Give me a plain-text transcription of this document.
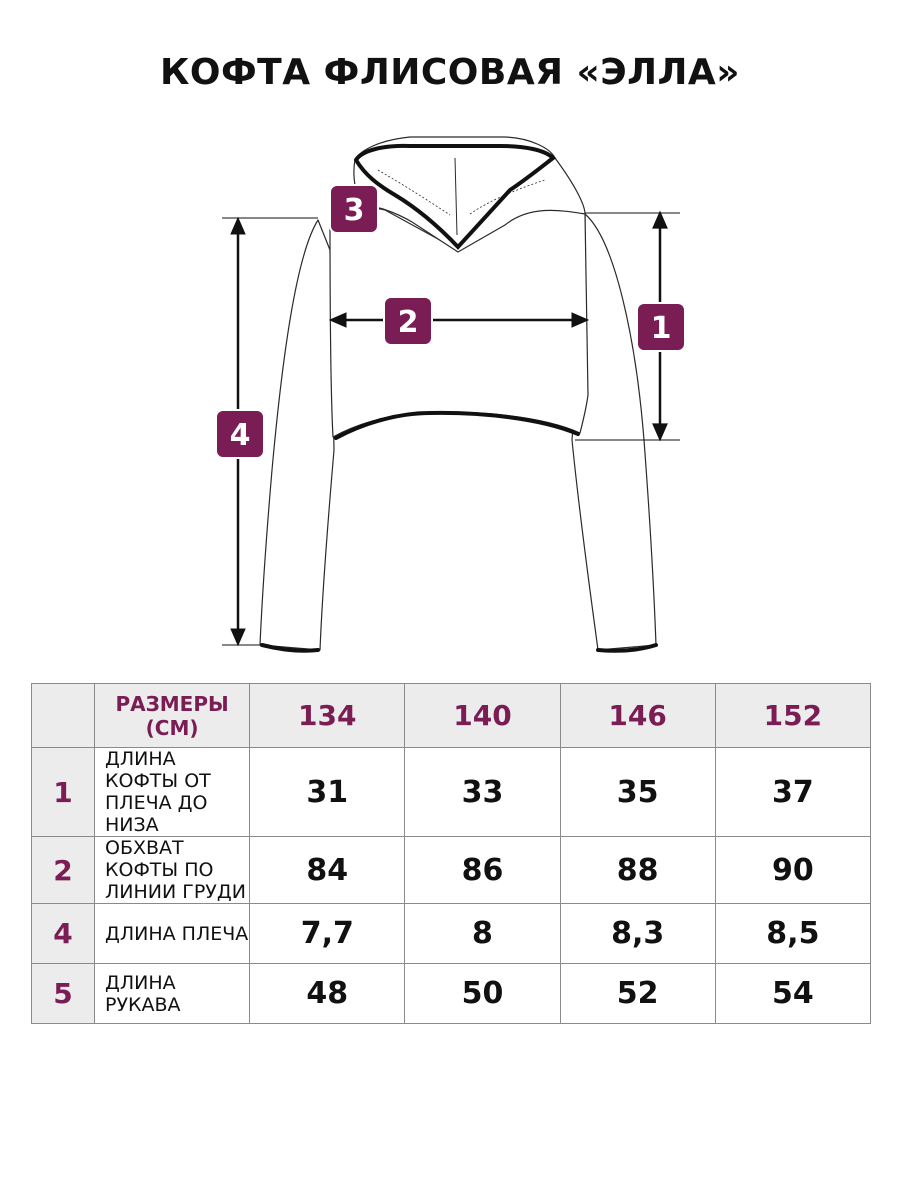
КОФТА ФЛИСОВАЯ «ЭЛЛА»
1
2
3
4
	РАЗМЕРЫ (СМ)	134	140	146	152
1	ДЛИНА КОФТЫ ОТ ПЛЕЧА ДО НИЗА	31	33	35	37
2	ОБХВАТ КОФТЫ ПО ЛИНИИ ГРУДИ	84	86	88	90
4	ДЛИНА ПЛЕЧА	7,7	8	8,3	8,5
5	ДЛИНА РУКАВА	48	50	52	54
